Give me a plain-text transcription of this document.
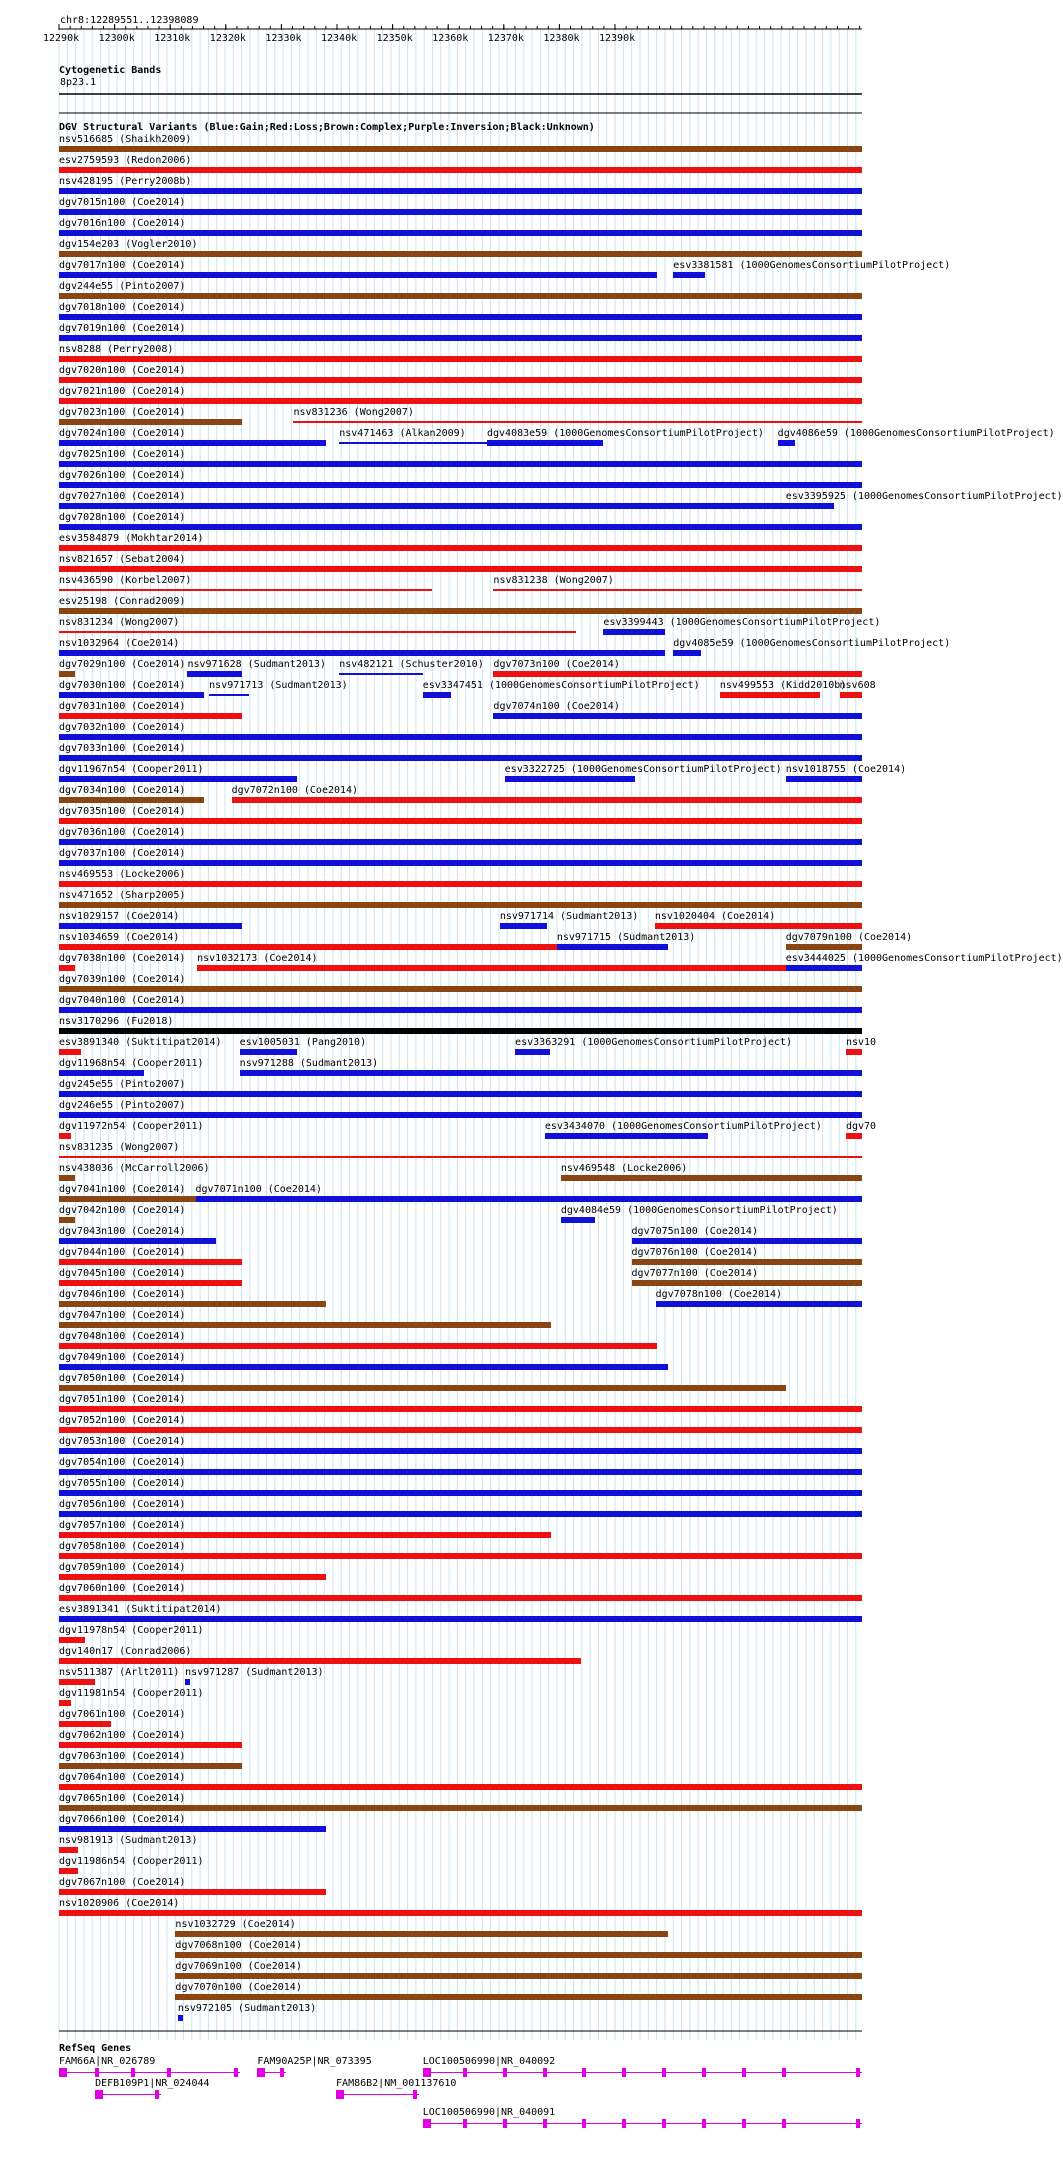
chr8:12289551..12398089
12290k 12300k 12310k 12320k 12330k 12340k 12350k 12360k 12370k 12380k 12390k
Cytogenetic Bands
8p23.1
DGV Structural Variants (Blue:Gain;Red:Loss;Brown:Complex;Purple:Inversion;Black:Unknown)
nsv516685 (Shaikh2009)
esv2759593 (Redon2006)
nsv428195 (Perry2008b)
dgv7015n100 (Coe2014)
dgv7016n100 (Coe2014)
dgv154e203 (Vogler2010)
dgv7017n100 (Coe2014)	esv3381581 (1000GenomesConsortiumPilotProject)
dgv244e55 (Pinto2007)
dgv7018n100 (Coe2014)
dgv7019n100 (Coe2014)
nsv8288 (Perry2008)
dgv7020n100 (Coe2014)
dgv7021n100 (Coe2014)
dgv7023n100 (Coe2014)	nsv831236 (Wong2007)
dgv7024n100 (Coe2014)	nsv471463 (Alkan2009) dgv4083e59 (1000GenomesConsortiumPilotProject) dgv4086e59 (1000GenomesConsortiumPilotProject)
dgv7025n100 (Coe2014)
dgv7026n100 (Coe2014)
dgv7027n100 (Coe2014)	esv3395925 (1000GenomesConsortiumPilotProject)
dgv7028n100 (Coe2014)
esv3584879 (Mokhtar2014)
nsv821657 (Sebat2004)
nsv436590 (Korbel2007)	nsv831238 (Wong2007)
esv25198 (Conrad2009)
nsv831234 (Wong2007)	esv3399443 (1000GenomesConsortiumPilotProject)
nsv1032964 (Coe2014)	dgv4085e59 (1000GenomesConsortiumPilotProject)
dgv7029n100 (Coe2014) nsv971628 (Sudmant2013) nsv482121 (Schuster2010) dgv7073n100 (Coe2014)
dgv7030n100 (Coe2014) nsv971713 (Sudmant2013)	esv3347451 (1000GenomesConsortiumPilotProject) nsv499553 (Kidd2010b)
nsv608
dgv7031n100 (Coe2014)	dgv7074n100 (Coe2014)
dgv7032n100 (Coe2014)
dgv7033n100 (Coe2014)
dgv11967n54 (Cooper2011)	esv3322725 (1000GenomesConsortiumPilotProject) nsv1018755 (Coe2014)
dgv7034n100 (Coe2014)	dgv7072n100 (Coe2014)
dgv7035n100 (Coe2014)
dgv7036n100 (Coe2014)
dgv7037n100 (Coe2014)
nsv469553 (Locke2006)
nsv471652 (Sharp2005)
nsv1029157 (Coe2014)	nsv971714 (Sudmant2013) nsv1020404 (Coe2014)
nsv1034659 (Coe2014)	nsv971715 (Sudmant2013)	dgv7079n100 (Coe2014)
dgv7038n100 (Coe2014) nsv1032173 (Coe2014)	esv3444025 (1000GenomesConsortiumPilotProject)
dgv7039n100 (Coe2014)
dgv7040n100 (Coe2014)
nsv3170296 (Fu2018)
esv3891340 (Suktitipat2014) esv1005031 (Pang2010)	esv3363291 (1000GenomesConsortiumPilotProject)	nsv10
dgv11968n54 (Cooper2011)	nsv971288 (Sudmant2013)
dgv245e55 (Pinto2007)
dgv246e55 (Pinto2007)
dgv11972n54 (Cooper2011)	esv3434070 (1000GenomesConsortiumPilotProject) dgv70
nsv831235 (Wong2007)
nsv438036 (McCarroll2006)	nsv469548 (Locke2006)
dgv7041n100 (Coe2014) dgv7071n100 (Coe2014)
dgv7042n100 (Coe2014)	dgv4084e59 (1000GenomesConsortiumPilotProject)
dgv7043n100 (Coe2014)	dgv7075n100 (Coe2014)
dgv7044n100 (Coe2014)	dgv7076n100 (Coe2014)
dgv7045n100 (Coe2014)	dgv7077n100 (Coe2014)
dgv7046n100 (Coe2014)	dgv7078n100 (Coe2014)
dgv7047n100 (Coe2014)
dgv7048n100 (Coe2014)
dgv7049n100 (Coe2014)
dgv7050n100 (Coe2014)
dgv7051n100 (Coe2014)
dgv7052n100 (Coe2014)
dgv7053n100 (Coe2014)
dgv7054n100 (Coe2014)
dgv7055n100 (Coe2014)
dgv7056n100 (Coe2014)
dgv7057n100 (Coe2014)
dgv7058n100 (Coe2014)
dgv7059n100 (Coe2014)
dgv7060n100 (Coe2014)
esv3891341 (Suktitipat2014)
dgv11978n54 (Cooper2011)
dgv140n17 (Conrad2006)
nsv511387 (Arlt2011) nsv971287 (Sudmant2013)
dgv11981n54 (Cooper2011)
dgv7061n100 (Coe2014)
dgv7062n100 (Coe2014)
dgv7063n100 (Coe2014)
dgv7064n100 (Coe2014)
dgv7065n100 (Coe2014)
dgv7066n100 (Coe2014)
nsv981913 (Sudmant2013)
dgv11986n54 (Cooper2011)
dgv7067n100 (Coe2014)
nsv1020906 (Coe2014)
nsv1032729 (Coe2014)
dgv7068n100 (Coe2014)
dgv7069n100 (Coe2014)
dgv7070n100 (Coe2014)
nsv972105 (Sudmant2013)
RefSeq Genes
FAM66A|NR_026789	FAM90A25P|NR_073395	LOC100506990|NR_040092
DEFB109P1|NR_024044	FAM86B2|NM_001137610
LOC100506990|NR_040091
